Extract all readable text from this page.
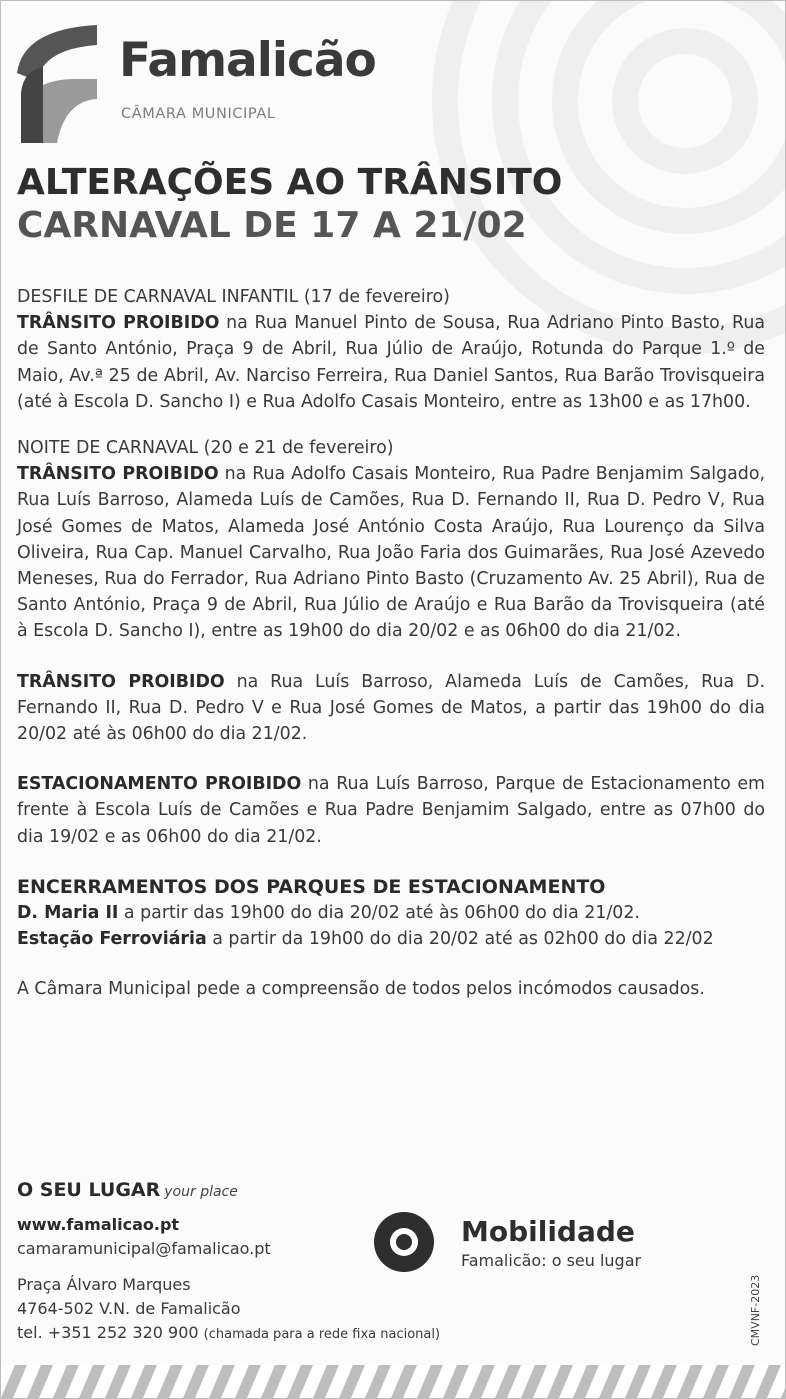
Famalicão
CÂMARA MUNICIPAL
ALTERAÇÕES AO TRÂNSITO
CARNAVAL DE 17 A 21/02
DESFILE DE CARNAVAL INFANTIL (17 de fevereiro)

TRÂNSITO PROIBIDO na Rua Manuel Pinto de Sousa, Rua Adriano Pinto Basto, Rua de Santo António, Praça 9 de Abril, Rua Júlio de Araújo, Rotunda do Parque 1.º de Maio, Av.ª 25 de Abril, Av. Narciso Ferreira, Rua Daniel Santos, Rua Barão Trovisqueira (até à Escola D. Sancho I) e Rua Adolfo Casais Monteiro, entre as 13h00 e as 17h00.

NOITE DE CARNAVAL (20 e 21 de fevereiro)

TRÂNSITO PROIBIDO na Rua Adolfo Casais Monteiro, Rua Padre Benjamim Salgado, Rua Luís Barroso, Alameda Luís de Camões, Rua D. Fernando II, Rua D. Pedro V, Rua José Gomes de Matos, Alameda José António Costa Araújo, Rua Lourenço da Silva Oliveira, Rua Cap. Manuel Carvalho, Rua João Faria dos Guimarães, Rua José Azevedo Meneses, Rua do Ferrador, Rua Adriano Pinto Basto (Cruzamento Av. 25 Abril), Rua de Santo António, Praça 9 de Abril, Rua Júlio de Araújo e Rua Barão da Trovisqueira (até à Escola D. Sancho I), entre as 19h00 do dia 20/02 e as 06h00 do dia 21/02.

TRÂNSITO PROIBIDO na Rua Luís Barroso, Alameda Luís de Camões, Rua D. Fernando II, Rua D. Pedro V e Rua José Gomes de Matos, a partir das 19h00 do dia 20/02 até às 06h00 do dia 21/02.

ESTACIONAMENTO PROIBIDO na Rua Luís Barroso, Parque de Estacionamento em frente à Escola Luís de Camões e Rua Padre Benjamim Salgado, entre as 07h00 do dia 19/02 e as 06h00 do dia 21/02.

ENCERRAMENTOS DOS PARQUES DE ESTACIONAMENTO

D. Maria II a partir das 19h00 do dia 20/02 até às 06h00 do dia 21/02.

Estação Ferroviária a partir da 19h00 do dia 20/02 até as 02h00 do dia 22/02

A Câmara Municipal pede a compreensão de todos pelos incómodos causados.

O SEU LUGAR your place
www.famalicao.pt
camaramunicipal@famalicao.pt
Praça Álvaro Marques
4764-502 V.N. de Famalicão
tel. +351 252 320 900 (chamada para a rede fixa nacional)
Mobilidade
Famalicão: o seu lugar
CMVNF-2023
